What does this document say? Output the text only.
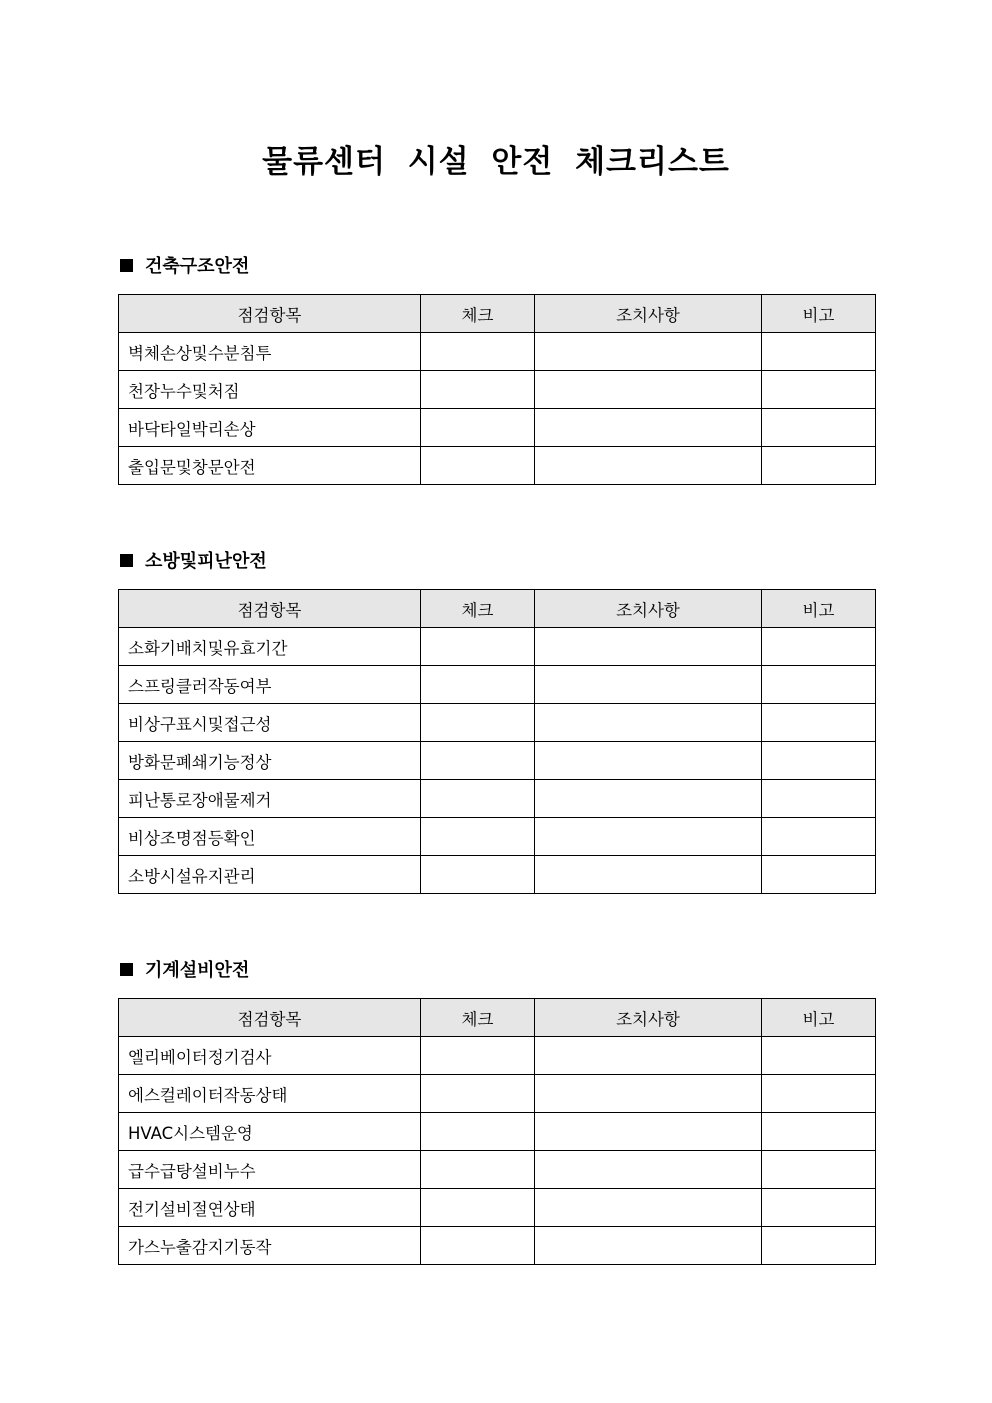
물류센터 시설 안전 체크리스트
건축구조안전
점검항목	체크	조치사항	비고
벽체손상및수분침투			
천장누수및처짐			
바닥타일박리손상			
출입문및창문안전			
소방및피난안전
점검항목	체크	조치사항	비고
소화기배치및유효기간			
스프링클러작동여부			
비상구표시및접근성			
방화문폐쇄기능정상			
피난통로장애물제거			
비상조명점등확인			
소방시설유지관리			
기계설비안전
점검항목	체크	조치사항	비고
엘리베이터정기검사			
에스컬레이터작동상태			
HVAC시스템운영			
급수급탕설비누수			
전기설비절연상태			
가스누출감지기동작			
